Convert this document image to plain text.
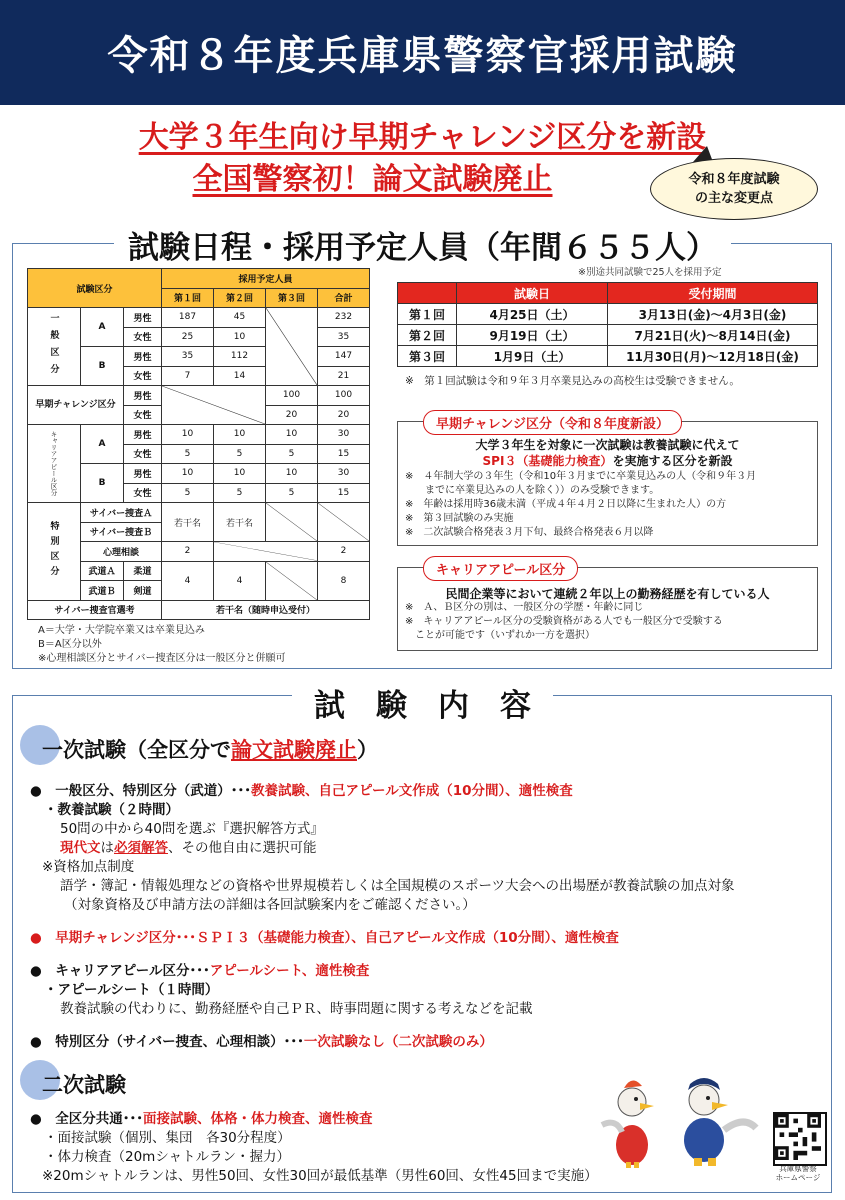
令和８年度兵庫県警察官採用試験
大学３年生向け早期チャレンジ区分を新設
全国警察初！論文試験廃止	令和８年度試験
の主な変更点
試験日程・採用予定人員（年間６５５人）
※別途共同試験で25人を採用予定
試験区分			採用予定人員			
			第１回	第２回	第３回	合計
一般区分	A	男性	187	45		232
		女性	25	10		35
	B	男性	35	112		147
		女性	7	14		21
早期チャレンジ区分		男性			100	100
		女性			20	20
キャリアアピール区分	A	男性	10	10	10	30
		女性	5	5	5	15
	B	男性	10	10	10	30
		女性	5	5	5	15
特別区分	サイバー捜査Ａ		若干名	若干名	

	サイバー捜査Ｂ					
	心理相談		2			2
	武道Ａ	柔道	4	4		8
	武道Ｂ	剣道				
サイバー捜査官選考			若干名（随時申込受付）			
A＝大学・大学院卒業又は卒業見込み
B＝A区分以外
※心理相談区分とサイバー捜査区分は一般区分と併願可
	試験日	受付期間
第１回	4月25日（土）	3月13日(金)～4月3日(金)
第２回	9月19日（土）	7月21日(火)～8月14日(金)
第３回	1月9日（土）	11月30日(月)～12月18日(金)
※　第１回試験は令和９年３月卒業見込みの高校生は受験できません。
早期チャレンジ区分（令和８年度新設）
大学３年生を対象に一次試験は教養試験に代えて
SPI３（基礎能力検査）を実施する区分を新設
※　４年制大学の３年生（令和10年３月までに卒業見込みの人（令和９年３月
　　までに卒業見込みの人を除く））のみ受験できます。
※　年齢は採用時36歳未満（平成４年４月２日以降に生まれた人）の方
※　第３回試験のみ実施
※　二次試験合格発表３月下旬、最終合格発表６月以降
キャリアアピール区分
民間企業等において連続２年以上の勤務経歴を有している人
※　Ａ、Ｂ区分の別は、一般区分の学歴・年齢に同じ
※　キャリアアピール区分の受験資格がある人でも一般区分で受験する
　ことが可能です（いずれか一方を選択）
試　験　内　容
一次試験（全区分で論文試験廃止）
●　一般区分、特別区分（武道）･･･教養試験、自己アピール文作成（10分間）、適性検査
・教養試験（２時間）
50問の中から40問を選ぶ『選択解答方式』
現代文は必須解答、その他自由に選択可能
※資格加点制度
語学・簿記・情報処理などの資格や世界規模若しくは全国規模のスポーツ大会への出場歴が教養試験の加点対象
（対象資格及び申請方法の詳細は各回試験案内をご確認ください。）
●　早期チャレンジ区分･･･ＳＰＩ３（基礎能力検査）、自己アピール文作成（10分間）、適性検査
●　キャリアアピール区分･･･アピールシート、適性検査
・アピールシート（１時間）
教養試験の代わりに、勤務経歴や自己ＰＲ、時事問題に関する考えなどを記載
●　特別区分（サイバー捜査、心理相談）･･･一次試験なし（二次試験のみ）
二次試験
●　全区分共通･･･面接試験、体格・体力検査、適性検査
・面接試験（個別、集団　各30分程度）
・体力検査（20mシャトルラン・握力）
※20mシャトルランは、男性50回、女性30回が最低基準（男性60回、女性45回まで実施）	兵庫県警察
ホームページ
